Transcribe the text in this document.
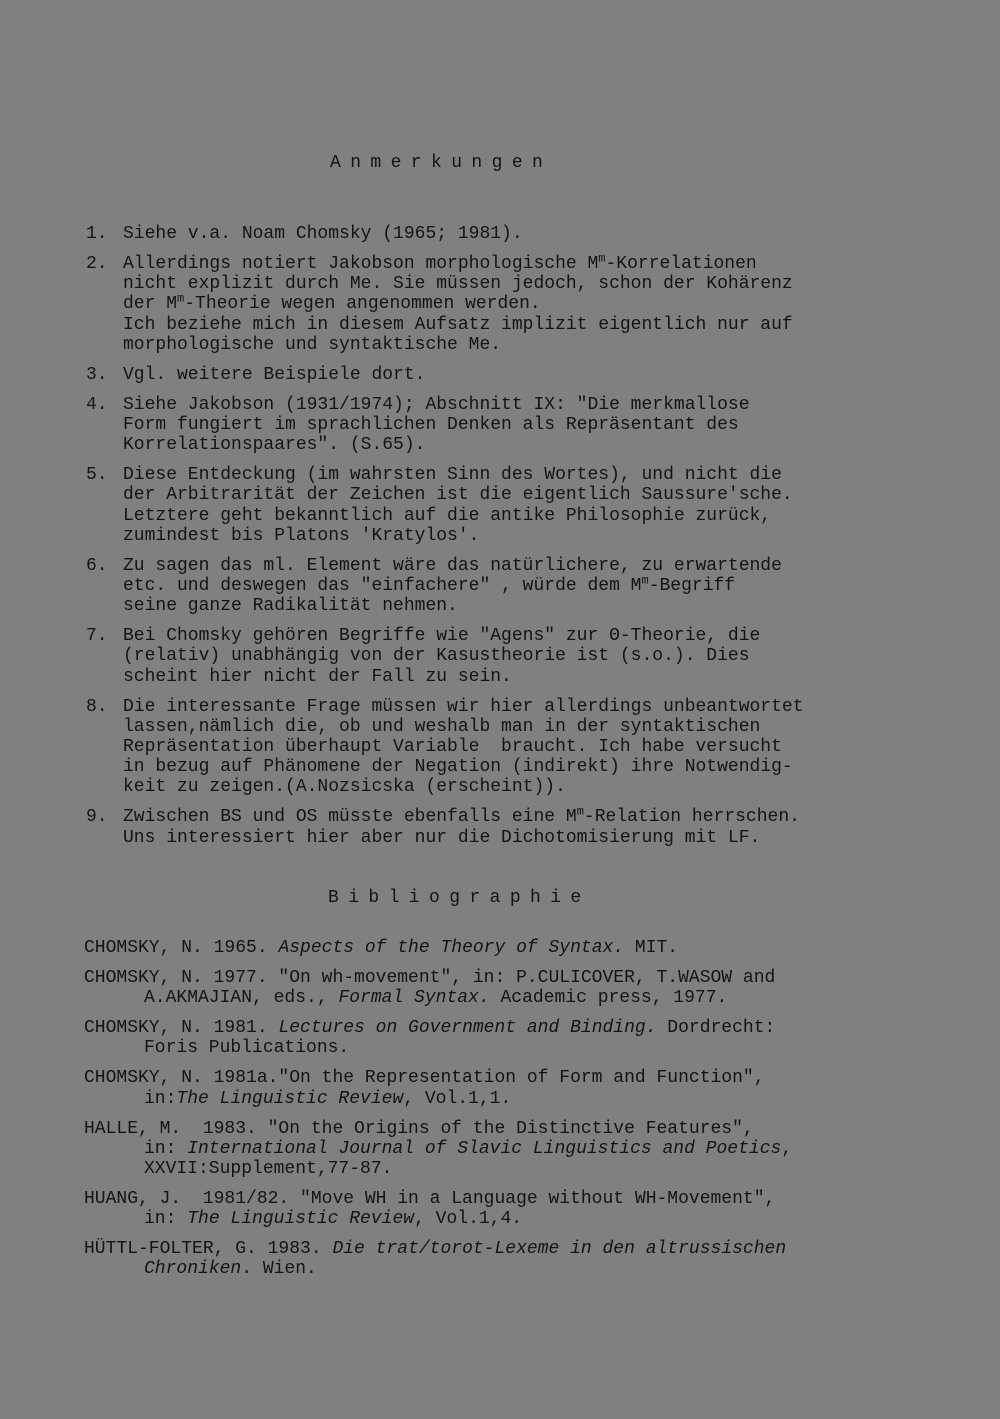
Anmerkungen
1. Siehe v.a. Noam Chomsky (1965; 1981).
2. Allerdings notiert Jakobson morphologische $M^m$-Korrelationen
nicht explizit durch Me. Sie müssen jedoch, schon der Kohärenz
der $M^m$-Theorie wegen angenommen werden.
Ich beziehe mich in diesem Aufsatz implizit eigentlich nur auf
morphologische und syntaktische Me.
3. Vgl. weitere Beispiele dort.
4. Siehe Jakobson (1931/1974); Abschnitt IX: "Die merkmallose
Form fungiert im sprachlichen Denken als Repräsentant des
Korrelationspaares". (S.65).
5. Diese Entdeckung (im wahrsten Sinn des Wortes), und nicht die
der Arbitrarität der Zeichen ist die eigentlich Saussure'sche.
Letztere geht bekanntlich auf die antike Philosophie zurück,
zumindest bis Platons 'Kratylos'.
6. Zu sagen das ml. Element wäre das natürlichere, zu erwartende
etc. und deswegen das "einfachere" , würde dem $M^m$-Begriff
seine ganze Radikalität nehmen.
7. Bei Chomsky gehören Begriffe wie "Agens" zur Θ-Theorie, die
(relativ) unabhängig von der Kasustheorie ist (s.o.). Dies
scheint hier nicht der Fall zu sein.
8. Die interessante Frage müssen wir hier allerdings unbeantwortet
lassen,nämlich die, ob und weshalb man in der syntaktischen
Repräsentation überhaupt Variable  braucht. Ich habe versucht
in bezug auf Phänomene der Negation (indirekt) ihre Notwendig-
keit zu zeigen.(A.Nozsicska (erscheint)).
9. Zwischen BS und OS müsste ebenfalls eine $M^m$-Relation herrschen.
Uns interessiert hier aber nur die Dichotomisierung mit LF.
Bibliographie
CHOMSKY, N. 1965. Aspects of the Theory of Syntax. MIT.
CHOMSKY, N. 1977. "On wh-movement", in: P.CULICOVER, T.WASOW and
A.AKMAJIAN, eds., Formal Syntax. Academic press, 1977.
CHOMSKY, N. 1981. Lectures on Government and Binding. Dordrecht:
Foris Publications.
CHOMSKY, N. 1981a."On the Representation of Form and Function",
in:The Linguistic Review, Vol.1,1.
HALLE, M.  1983. "On the Origins of the Distinctive Features",
in: International Journal of Slavic Linguistics and Poetics,
XXVII:Supplement,77-87.
HUANG, J.  1981/82. "Move WH in a Language without WH-Movement",
in: The Linguistic Review, Vol.1,4.
HÜTTL-FOLTER, G. 1983. Die trat/torot-Lexeme in den altrussischen
Chroniken. Wien.
